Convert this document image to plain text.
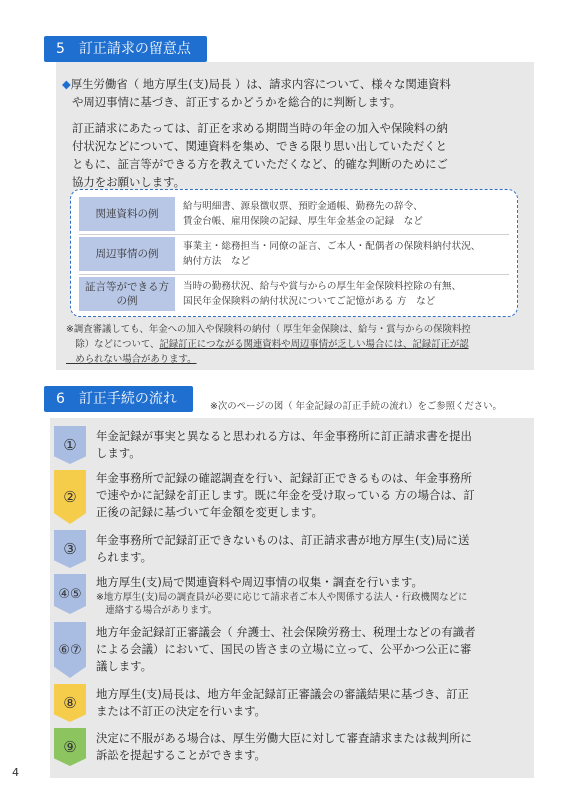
5　訂正請求の留意点
◆厚生労働省（ 地方厚生(支)局長 ）は、請求内容について、様々な関連資料
や周辺事情に基づき、訂正するかどうかを総合的に判断します。
訂正請求にあたっては、訂正を求める期間当時の年金の加入や保険料の納
付状況などについて、関連資料を集め、できる限り思い出していただくと
ともに、証言等ができる方を教えていただくなど、的確な判断のためにご
協力をお願いします。
関連資料の例
給与明細書、源泉徴収票、預貯金通帳、勤務先の辞令、
賃金台帳、雇用保険の記録、厚生年金基金の記録　など
周辺事情の例
事業主・総務担当・同僚の証言、ご本人・配偶者の保険料納付状況、
納付方法　など
証言等ができる方の例
当時の勤務状況、給与や賞与からの厚生年金保険料控除の有無、
国民年金保険料の納付状況についてご記憶がある 方　など
※調査審議しても、年金への加入や保険料の納付（ 厚生年金保険は、給与・賞与からの保険料控
　除）などについて、記録訂正につながる関連資料や周辺事情が乏しい場合には、記録訂正が認
　められない場合があります。
6　訂正手続の流れ	※次のページの図（ 年金記録の訂正手続の流れ）をご参照ください。
① 年金記録が事実と異なると思われる方は、年金事務所に訂正請求書を提出
します。
②
年金事務所で記録の確認調査を行い、記録訂正できるものは、年金事務所
で速やかに記録を訂正します。既に年金を受け取っている 方の場合は、訂
正後の記録に基づいて年金額を変更します。
③ 年金事務所で記録訂正できないものは、訂正請求書が地方厚生(支)局に送
られます。
④⑤
地方厚生(支)局で関連資料や周辺事情の収集・調査を行います。
※地方厚生(支)局の調査員が必要に応じて請求者ご本人や関係する法人・行政機関などに
　連絡する場合があります。
⑥⑦
地方年金記録訂正審議会（ 弁護士、社会保険労務士、税理士などの有識者
による会議）において、国民の皆さまの立場に立って、公平かつ公正に審
議します。
⑧ 地方厚生(支)局長は、地方年金記録訂正審議会の審議結果に基づき、訂正
または不訂正の決定を行います。
⑨ 決定に不服がある場合は、厚生労働大臣に対して審査請求または裁判所に
訴訟を提起することができます。
4
